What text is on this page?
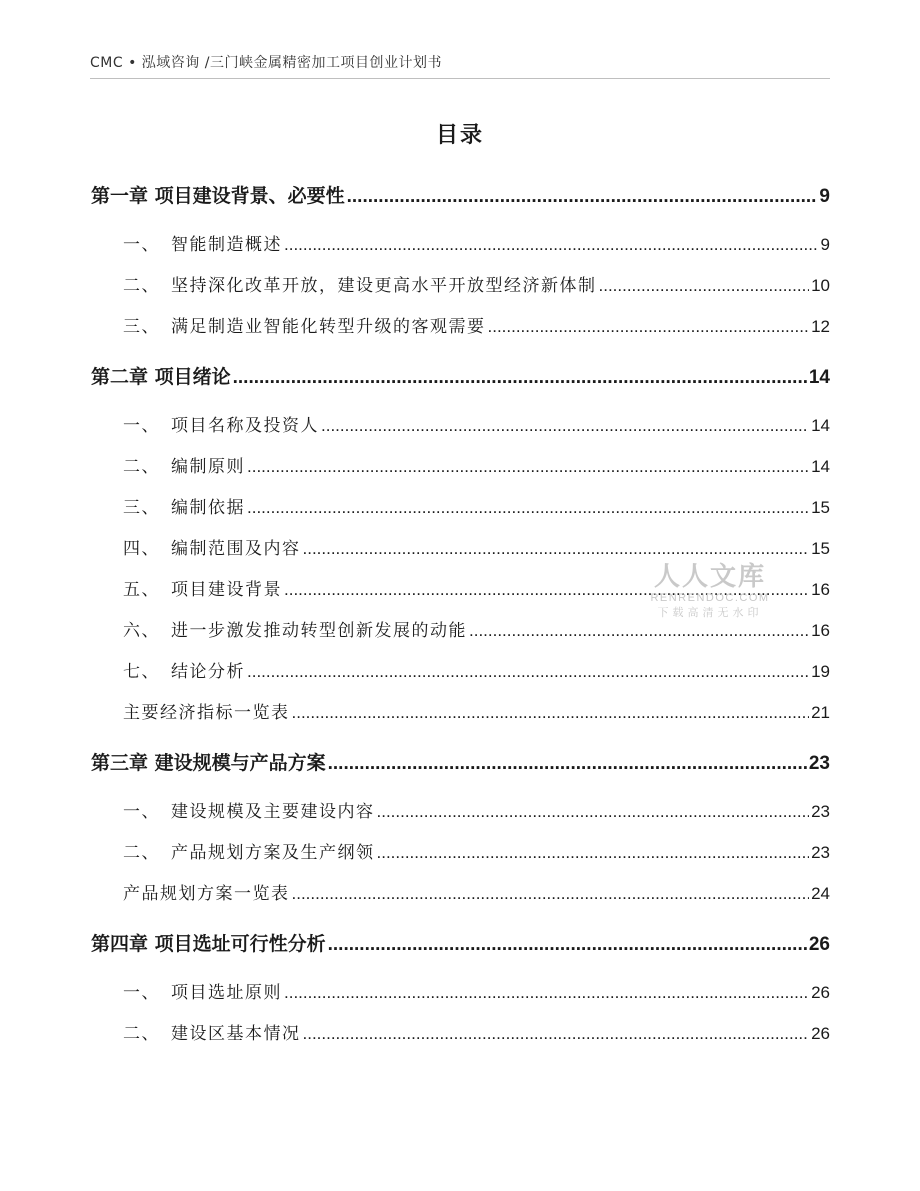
CMC • 泓域咨询 /三门峡金属精密加工项目创业计划书
目录
第一章 项目建设背景、必要性 .....	9
一、 智能制造概述 .....	9
二、 坚持深化改革开放，建设更高水平开放型经济新体制 .....	10
三、 满足制造业智能化转型升级的客观需要 .....	12
第二章 项目绪论 .....	14
一、 项目名称及投资人 .....	14
二、 编制原则 .....	14
三、 编制依据 .....	15
四、 编制范围及内容 .....	15
五、 项目建设背景 .....	16
六、 进一步激发推动转型创新发展的动能 .....	16
七、 结论分析 .....	19
主要经济指标一览表 .....	21
第三章 建设规模与产品方案 .....	23
一、 建设规模及主要建设内容 .....	23
二、 产品规划方案及生产纲领 .....	23
产品规划方案一览表 .....	24
第四章 项目选址可行性分析 .....	26
一、 项目选址原则 .....	26
二、 建设区基本情况 .....	26
人人文库
RENRENDOC.COM
下载高清无水印
